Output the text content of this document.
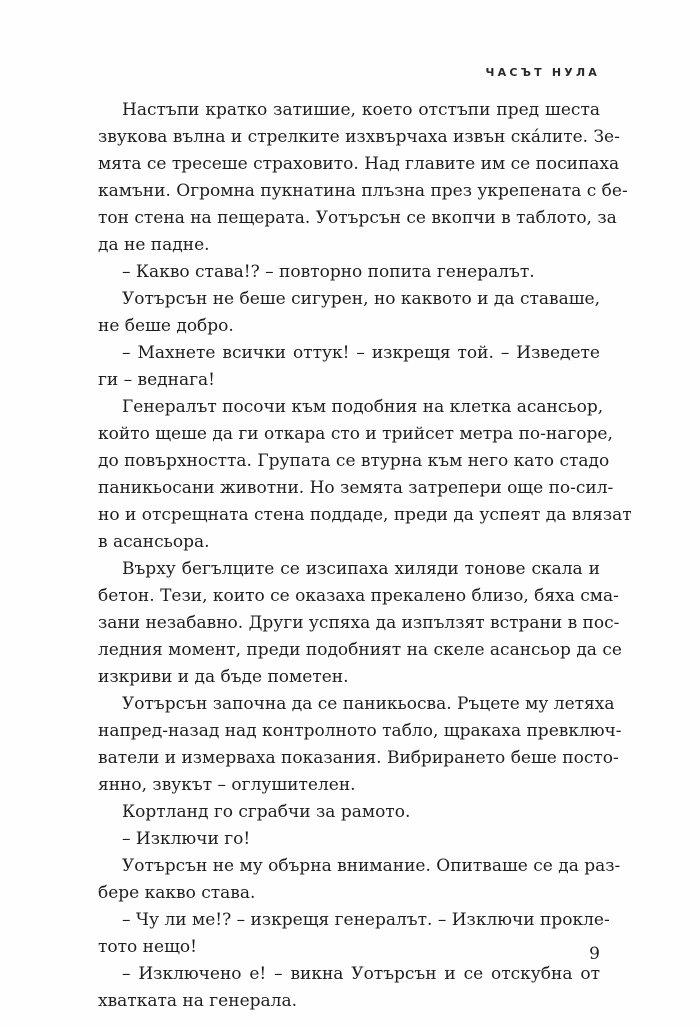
ЧАСЪТ НУЛА
Настъпи кратко затишие, което отстъпи пред шеста
звукова вълна и стрелките изхвърчаха извън ска́лите. Зе-
мята се тресеше страховито. Над главите им се посипаха
камъни. Огромна пукнатина плъзна през укрепената с бе-
тон стена на пещерата. Уотърсън се вкопчи в таблото, за
да не падне.
– Какво става!? – повторно попита генералът.
Уотърсън не беше сигурен, но каквото и да ставаше,
не беше добро.
– Махнете всички оттук! – изкрещя той. – Изведете
ги – веднага!
Генералът посочи към подобния на клетка асансьор,
който щеше да ги откара сто и трийсет метра по-нагоре,
до повърхността. Групата се втурна към него като стадо
паникьосани животни. Но земята затрепери още по-сил-
но и отсрещната стена поддаде, преди да успеят да влязат
в асансьора.
Върху бегълците се изсипаха хиляди тонове скала и
бетон. Тези, които се оказаха прекалено близо, бяха сма-
зани незабавно. Други успяха да изпълзят встрани в пос-
ледния момент, преди подобният на скеле асансьор да се
изкриви и да бъде пометен.
Уотърсън започна да се паникьосва. Ръцете му летяха
напред-назад над контролното табло, щракаха превключ-
ватели и измерваха показания. Вибрирането беше посто-
янно, звукът – оглушителен.
Кортланд го сграбчи за рамото.
– Изключи го!
Уотърсън не му обърна внимание. Опитваше се да раз-
бере какво става.
– Чу ли ме!? – изкрещя генералът. – Изключи прокле-
тото нещо!
– Изключено е! – викна Уотърсън и се отскубна от
хватката на генерала.
9
